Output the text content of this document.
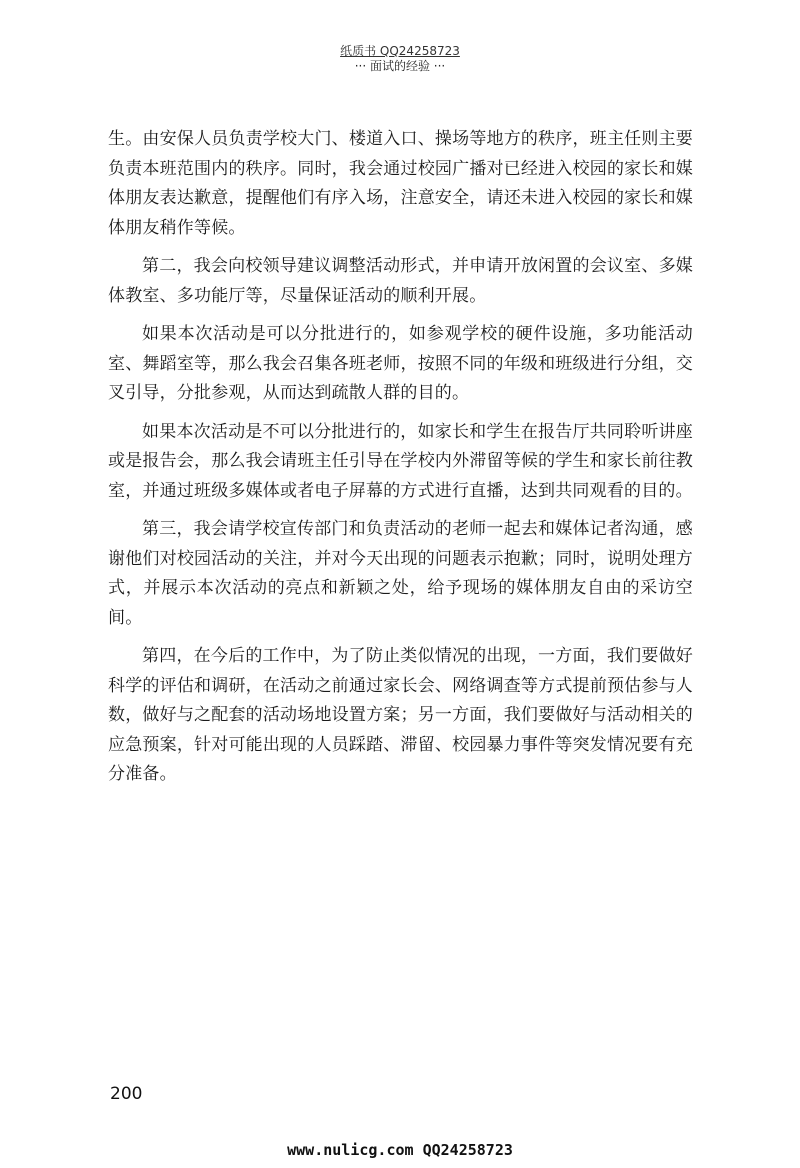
纸质书 QQ24258723
··· 面试的经验 ···

生。由安保人员负责学校大门、楼道入口、操场等地方的秩序，班主任则主要负责本班范围内的秩序。同时，我会通过校园广播对已经进入校园的家长和媒体朋友表达歉意，提醒他们有序入场，注意安全，请还未进入校园的家长和媒体朋友稍作等候。

第二，我会向校领导建议调整活动形式，并申请开放闲置的会议室、多媒体教室、多功能厅等，尽量保证活动的顺利开展。

如果本次活动是可以分批进行的，如参观学校的硬件设施，多功能活动室、舞蹈室等，那么我会召集各班老师，按照不同的年级和班级进行分组，交叉引导，分批参观，从而达到疏散人群的目的。

如果本次活动是不可以分批进行的，如家长和学生在报告厅共同聆听讲座或是报告会，那么我会请班主任引导在学校内外滞留等候的学生和家长前往教室，并通过班级多媒体或者电子屏幕的方式进行直播，达到共同观看的目的。

第三，我会请学校宣传部门和负责活动的老师一起去和媒体记者沟通，感谢他们对校园活动的关注，并对今天出现的问题表示抱歉；同时，说明处理方式，并展示本次活动的亮点和新颖之处，给予现场的媒体朋友自由的采访空间。

第四，在今后的工作中，为了防止类似情况的出现，一方面，我们要做好科学的评估和调研，在活动之前通过家长会、网络调查等方式提前预估参与人数，做好与之配套的活动场地设置方案；另一方面，我们要做好与活动相关的应急预案，针对可能出现的人员踩踏、滞留、校园暴力事件等突发情况要有充分准备。

200
www.nulicg.com QQ24258723
